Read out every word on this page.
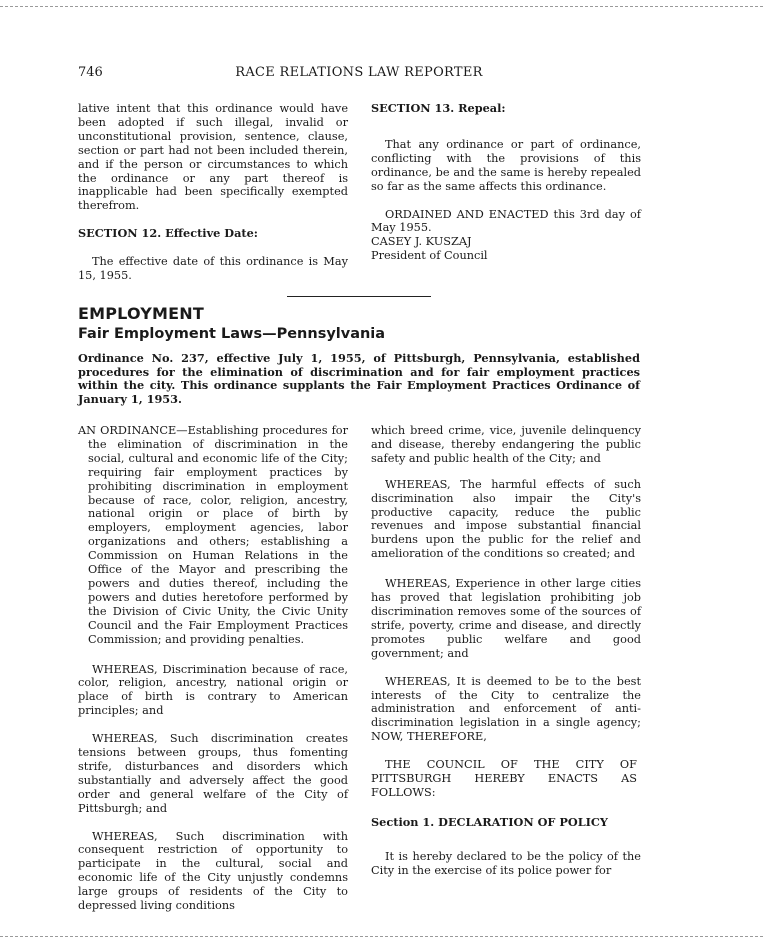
746	RACE RELATIONS LAW REPORTER

lative intent that this ordinance would have been adopted if such illegal, invalid or unconstitutional provision, sentence, clause, section or part had not been included therein, and if the person or circumstances to which the ordinance or any part thereof is inapplicable had been specifically exempted therefrom.

SECTION 12. Effective Date:

The effective date of this ordinance is May 15, 1955.

SECTION 13. Repeal:

That any ordinance or part of ordinance, conflicting with the provisions of this ordinance, be and the same is hereby repealed so far as the same affects this ordinance.

ORDAINED AND ENACTED this 3rd day of May 1955.

CASEY J. KUSZAJ

President of Council

EMPLOYMENT
Fair Employment Laws—Pennsylvania

Ordinance No. 237, effective July 1, 1955, of Pittsburgh, Pennsylvania, established procedures for the elimination of discrimination and for fair employment practices within the city. This ordinance supplants the Fair Employment Practices Ordinance of January 1, 1953.

AN ORDINANCE—Establishing procedures for the elimination of discrimination in the social, cultural and economic life of the City; requiring fair employment practices by prohibiting discrimination in employment because of race, color, religion, ancestry, national origin or place of birth by employers, employment agencies, labor organizations and others; establishing a Commission on Human Relations in the Office of the Mayor and prescribing the powers and duties thereof, including the powers and duties heretofore performed by the Division of Civic Unity, the Civic Unity Council and the Fair Employment Practices Commission; and providing penalties.

WHEREAS, Discrimination because of race, color, religion, ancestry, national origin or place of birth is contrary to American principles; and

WHEREAS, Such discrimination creates tensions between groups, thus fomenting strife, disturbances and disorders which substantially and adversely affect the good order and general welfare of the City of Pittsburgh; and

WHEREAS, Such discrimination with consequent restriction of opportunity to participate in the cultural, social and economic life of the City unjustly condemns large groups of residents of the City to depressed living conditions

which breed crime, vice, juvenile delinquency and disease, thereby endangering the public safety and public health of the City; and

WHEREAS, The harmful effects of such discrimination also impair the City's productive capacity, reduce the public revenues and impose substantial financial burdens upon the public for the relief and amelioration of the conditions so created; and

WHEREAS, Experience in other large cities has proved that legislation prohibiting job discrimination removes some of the sources of strife, poverty, crime and disease, and directly promotes public welfare and good government; and

WHEREAS, It is deemed to be to the best interests of the City to centralize the administration and enforcement of anti-discrimination legislation in a single agency; NOW, THEREFORE,

THE COUNCIL OF THE CITY OF PITTSBURGH HEREBY ENACTS AS FOLLOWS:

Section 1. DECLARATION OF POLICY

It is hereby declared to be the policy of the City in the exercise of its police power for
